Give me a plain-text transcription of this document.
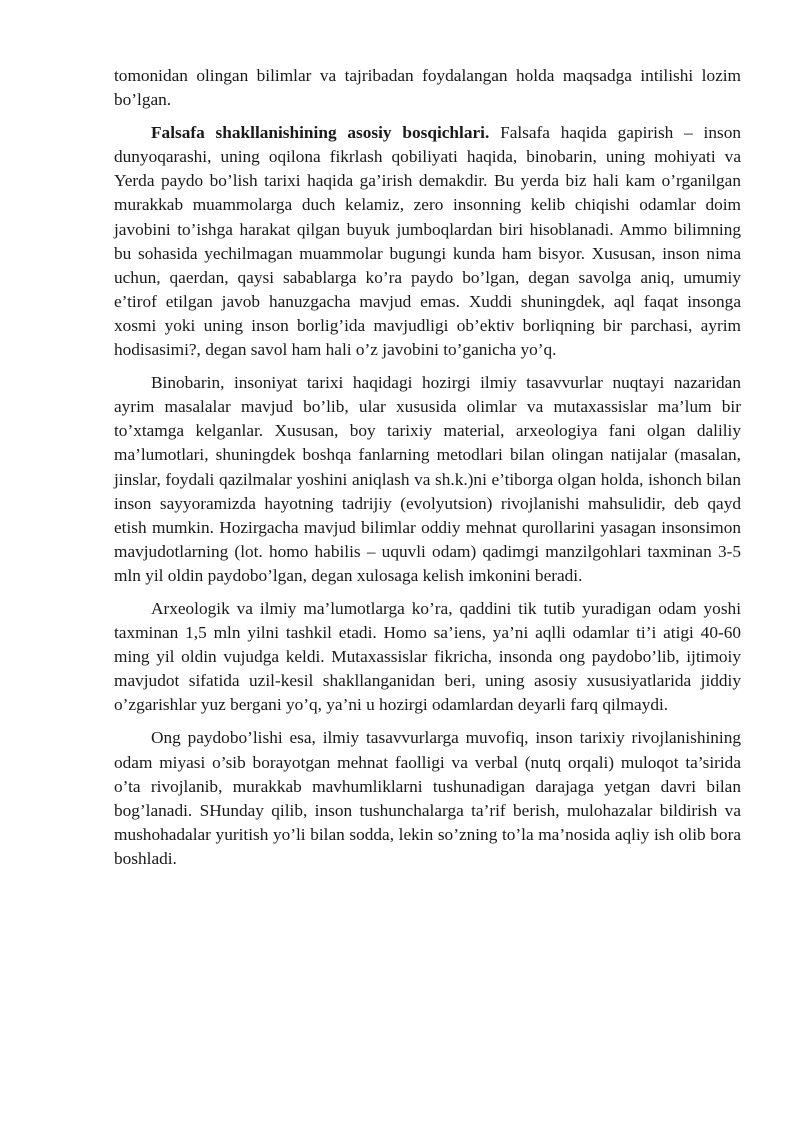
tomonidan olingan bilimlar va tajribadan foydalangan holda maqsadga intilishi lozim bo’lgan.

Falsafa shakllanishining asosiy bosqichlari. Falsafa haqida gapirish – inson dunyoqarashi, uning oqilona fikrlash qobiliyati haqida, binobarin, uning mohiyati va Yerda paydo bo’lish tarixi haqida ga’irish demakdir. Bu yerda biz hali kam o’rganilgan murakkab muammolarga duch kelamiz, zero insonning kelib chiqishi odamlar doim javobini to’ishga harakat qilgan buyuk jumboqlardan biri hisoblanadi. Ammo bilimning bu sohasida yechilmagan muammolar bugungi kunda ham bisyor. Xususan, inson nima uchun, qaerdan, qaysi sabablarga ko’ra paydo bo’lgan, degan savolga aniq, umumiy e’tirof etilgan javob hanuzgacha mavjud emas. Xuddi shuningdek, aql faqat insonga xosmi yoki uning inson borlig’ida mavjudligi ob’ektiv borliqning bir parchasi, ayrim hodisasimi?, degan savol ham hali o’z javobini to’ganicha yo’q.

Binobarin, insoniyat tarixi haqidagi hozirgi ilmiy tasavvurlar nuqtayi nazaridan ayrim masalalar mavjud bo’lib, ular xususida olimlar va mutaxassislar ma’lum bir to’xtamga kelganlar. Xususan, boy tarixiy material, arxeologiya fani olgan daliliy ma’lumotlari, shuningdek boshqa fanlarning metodlari bilan olingan natijalar (masalan, jinslar, foydali qazilmalar yoshini aniqlash va sh.k.)ni e’tiborga olgan holda, ishonch bilan inson sayyoramizda hayotning tadrijiy (evolyutsion) rivojlanishi mahsulidir, deb qayd etish mumkin. Hozirgacha mavjud bilimlar oddiy mehnat qurollarini yasagan insonsimon mavjudotlarning (lot. homo habilis – uquvli odam) qadimgi manzilgohlari taxminan 3-5 mln yil oldin paydobo’lgan, degan xulosaga kelish imkonini beradi.

Arxeologik va ilmiy ma’lumotlarga ko’ra, qaddini tik tutib yuradigan odam yoshi taxminan 1,5 mln yilni tashkil etadi. Homo sa’iens, ya’ni aqlli odamlar ti’i atigi 40-60 ming yil oldin vujudga keldi. Mutaxassislar fikricha, insonda ong paydobo’lib, ijtimoiy mavjudot sifatida uzil-kesil shakllanganidan beri, uning asosiy xususiyatlarida jiddiy o’zgarishlar yuz bergani yo’q, ya’ni u hozirgi odamlardan deyarli farq qilmaydi.

Ong paydobo’lishi esa, ilmiy tasavvurlarga muvofiq, inson tarixiy rivojlanishining odam miyasi o’sib borayotgan mehnat faolligi va verbal (nutq orqali) muloqot ta’sirida o’ta rivojlanib, murakkab mavhumliklarni tushunadigan darajaga yetgan davri bilan bog’lanadi. SHunday qilib, inson tushunchalarga ta’rif berish, mulohazalar bildirish va mushohadalar yuritish yo’li bilan sodda, lekin so’zning to’la ma’nosida aqliy ish olib bora boshladi.
